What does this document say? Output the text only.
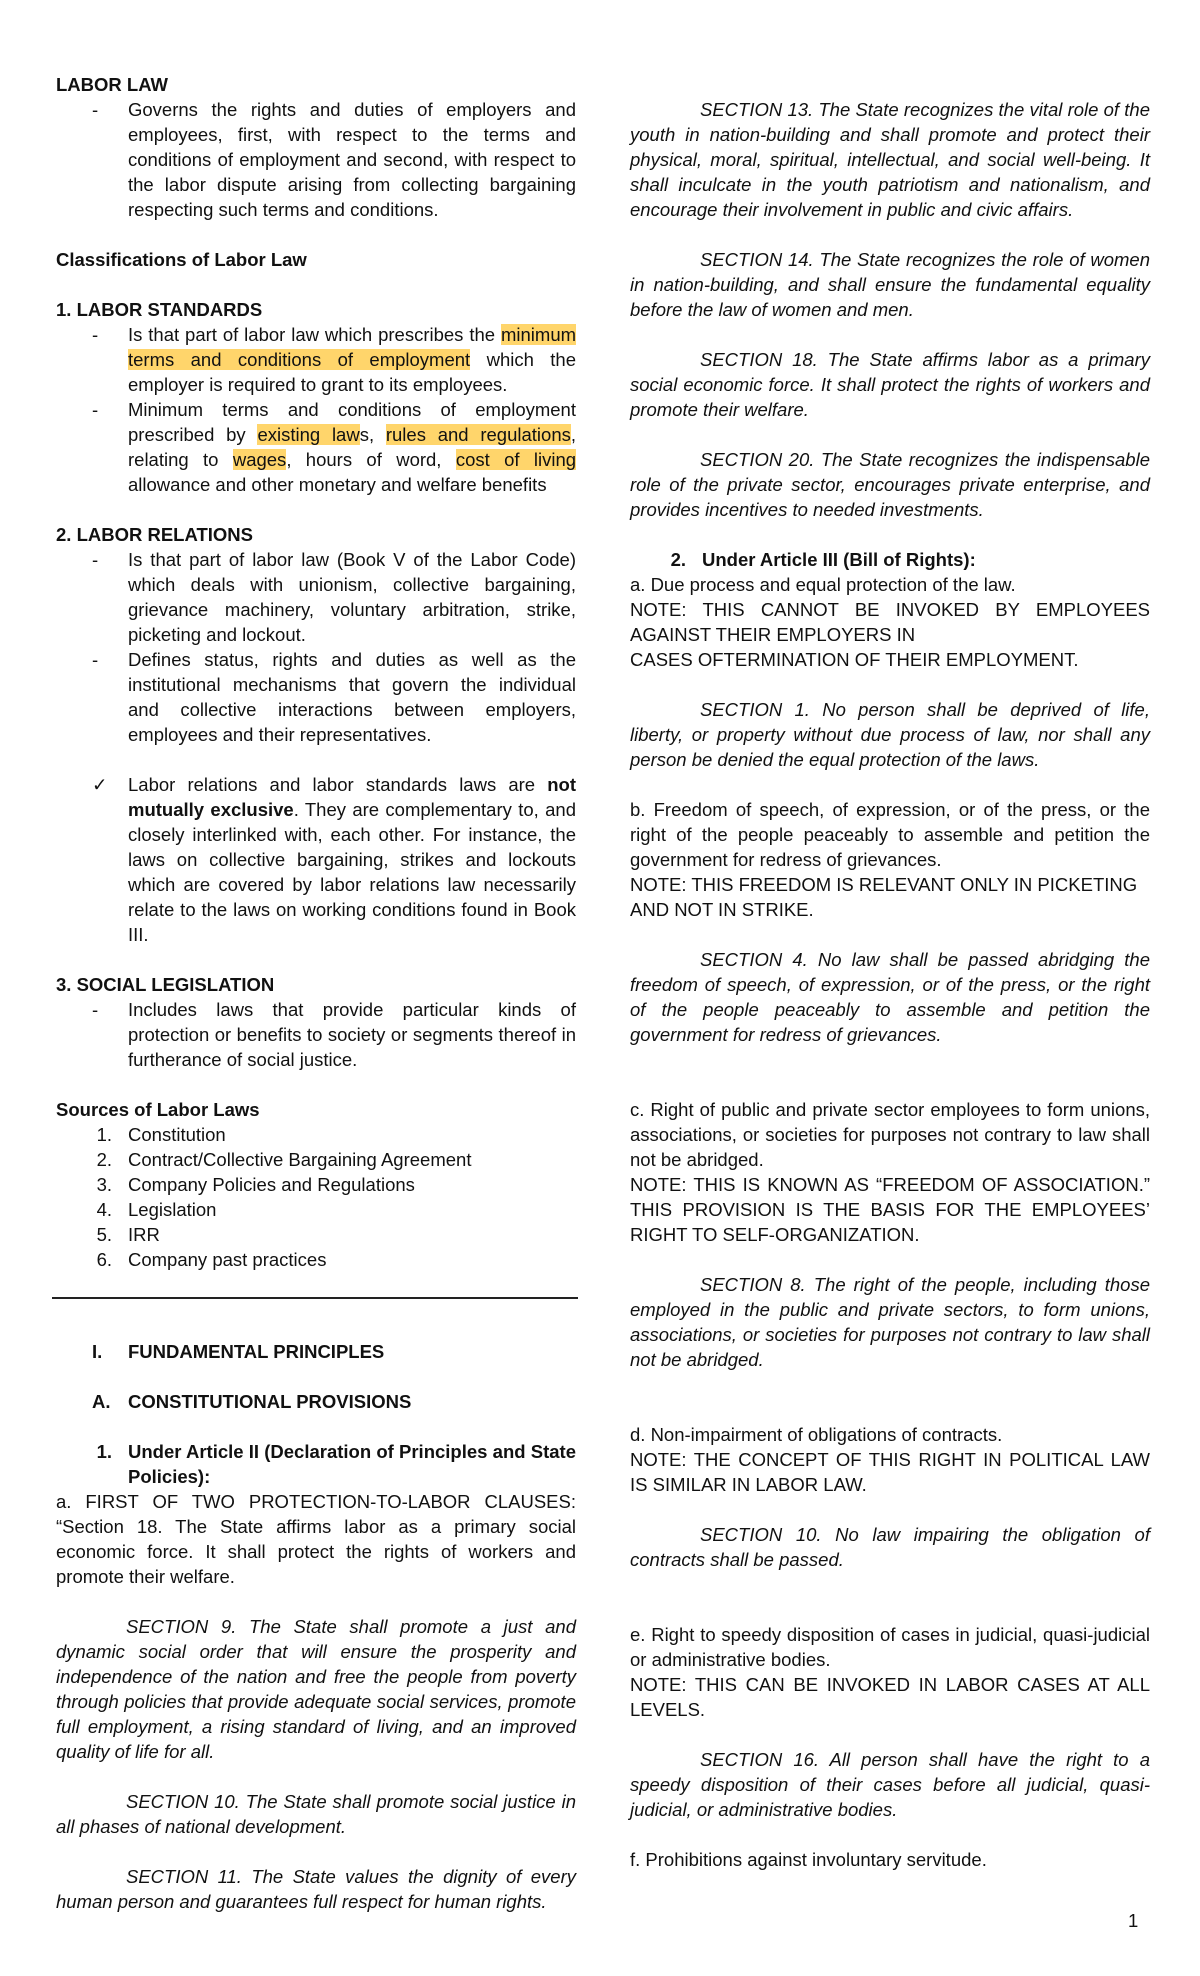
LABOR LAW

-	Governs the rights and duties of employers and employees, first, with respect to the terms and conditions of employment and second, with respect to the labor dispute arising from collecting bargaining respecting such terms and conditions.

Classifications of Labor Law

1. LABOR STANDARDS

-	Is that part of labor law which prescribes the minimum terms and conditions of employment which the employer is required to grant to its employees.
-	Minimum terms and conditions of employment prescribed by existing laws, rules and regulations, relating to wages, hours of word, cost of living allowance and other monetary and welfare benefits

2. LABOR RELATIONS

-	Is that part of labor law (Book V of the Labor Code) which deals with unionism, collective bargaining, grievance machinery, voluntary arbitration, strike, picketing and lockout.
-	Defines status, rights and duties as well as the institutional mechanisms that govern the individual and collective interactions between employers, employees and their representatives.
✓	Labor relations and labor standards laws are not mutually exclusive. They are complementary to, and closely interlinked with, each other. For instance, the laws on collective bargaining, strikes and lockouts which are covered by labor relations law necessarily relate to the laws on working conditions found in Book III.

3. SOCIAL LEGISLATION

-	Includes laws that provide particular kinds of protection or benefits to society or segments thereof in furtherance of social justice.

Sources of Labor Laws

1. Constitution
2. Contract/Collective Bargaining Agreement
3. Company Policies and Regulations
4. Legislation
5. IRR
6. Company past practices
I.	FUNDAMENTAL PRINCIPLES
A. CONSTITUTIONAL PROVISIONS
1. Under Article II (Declaration of Principles and State Policies):

a. FIRST OF TWO PROTECTION-TO-LABOR CLAUSES: “Section 18. The State affirms labor as a primary social economic force. It shall protect the rights of workers and promote their welfare.

SECTION 9. The State shall promote a just and dynamic social order that will ensure the prosperity and independence of the nation and free the people from poverty through policies that provide adequate social services, promote full employment, a rising standard of living, and an improved quality of life for all.

SECTION 10. The State shall promote social justice in all phases of national development.

SECTION 11. The State values the dignity of every human person and guarantees full respect for human rights.

SECTION 13. The State recognizes the vital role of the youth in nation-building and shall promote and protect their physical, moral, spiritual, intellectual, and social well-being. It shall inculcate in the youth patriotism and nationalism, and encourage their involvement in public and civic affairs.

SECTION 14. The State recognizes the role of women in nation-building, and shall ensure the fundamental equality before the law of women and men.

SECTION 18. The State affirms labor as a primary social economic force. It shall protect the rights of workers and promote their welfare.

SECTION 20. The State recognizes the indispensable role of the private sector, encourages private enterprise, and provides incentives to needed investments.

2. Under Article III (Bill of Rights):

a. Due process and equal protection of the law.

NOTE: THIS CANNOT BE INVOKED BY EMPLOYEES AGAINST THEIR EMPLOYERS IN

CASES OFTERMINATION OF THEIR EMPLOYMENT.

SECTION 1. No person shall be deprived of life, liberty, or property without due process of law, nor shall any person be denied the equal protection of the laws.

b. Freedom of speech, of expression, or of the press, or the right of the people peaceably to assemble and petition the government for redress of grievances.

NOTE: THIS FREEDOM IS RELEVANT ONLY IN PICKETING AND NOT IN STRIKE.

SECTION 4. No law shall be passed abridging the freedom of speech, of expression, or of the press, or the right of the people peaceably to assemble and petition the government for redress of grievances.

c. Right of public and private sector employees to form unions, associations, or societies for purposes not contrary to law shall not be abridged.

NOTE: THIS IS KNOWN AS “FREEDOM OF ASSOCIATION.” THIS PROVISION IS THE BASIS FOR THE EMPLOYEES’ RIGHT TO SELF-ORGANIZATION.

SECTION 8. The right of the people, including those employed in the public and private sectors, to form unions, associations, or societies for purposes not contrary to law shall not be abridged.

d. Non-impairment of obligations of contracts.

NOTE: THE CONCEPT OF THIS RIGHT IN POLITICAL LAW IS SIMILAR IN LABOR LAW.

SECTION 10. No law impairing the obligation of contracts shall be passed.

e. Right to speedy disposition of cases in judicial, quasi-judicial or administrative bodies.

NOTE: THIS CAN BE INVOKED IN LABOR CASES AT ALL LEVELS.

SECTION 16. All person shall have the right to a speedy disposition of their cases before all judicial, quasi-judicial, or administrative bodies.

f. Prohibitions against involuntary servitude.

1
